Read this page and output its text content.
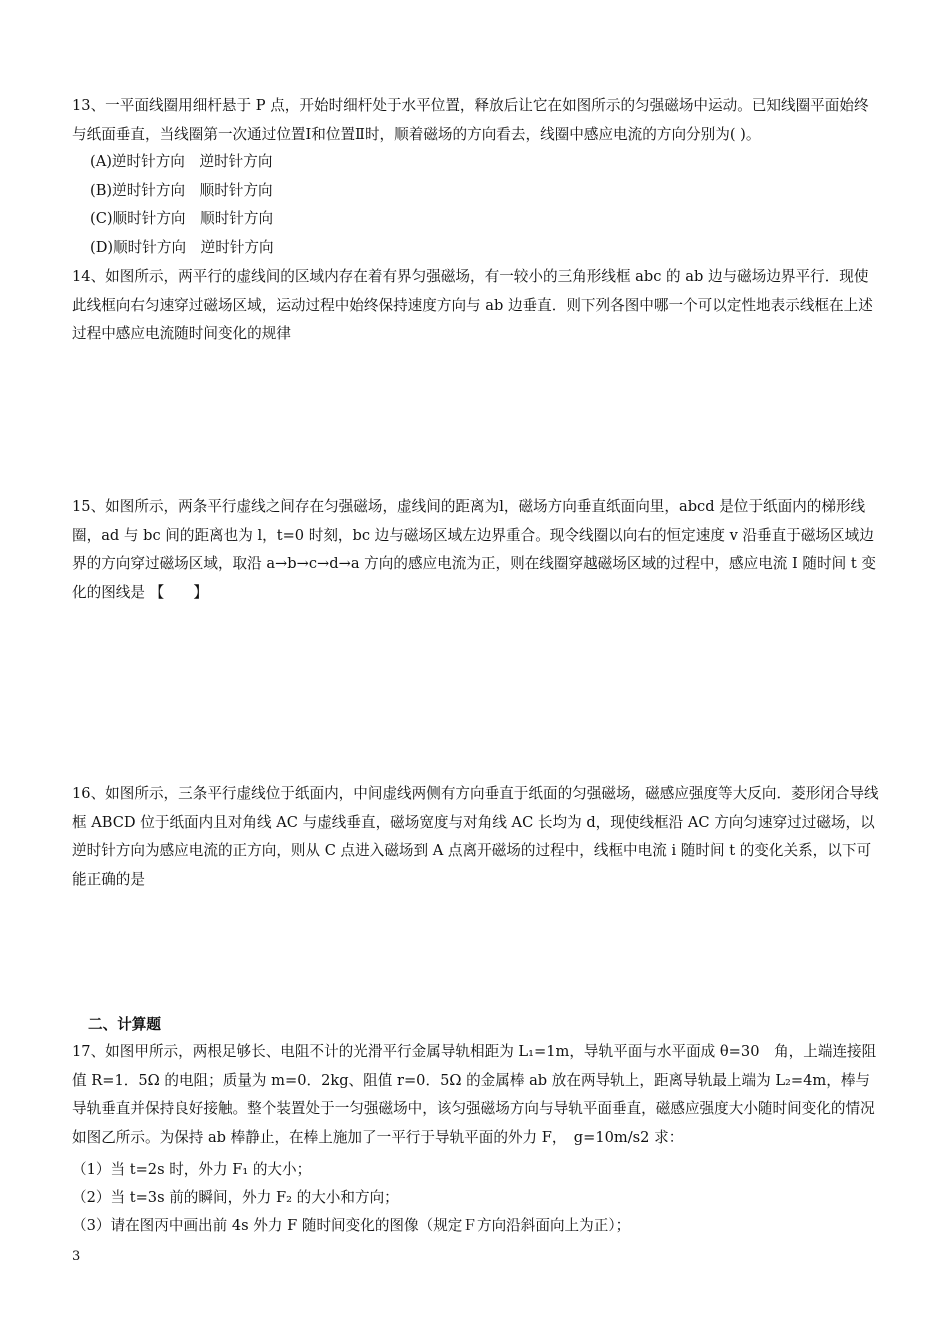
13、一平面线圈用细杆悬于 P 点，开始时细杆处于水平位置，释放后让它在如图所示的匀强磁场中运动。已知线圈平面始终与纸面垂直，当线圈第一次通过位置Ⅰ和位置Ⅱ时，顺着磁场的方向看去，线圈中感应电流的方向分别为( )。

(A)逆时针方向　逆时针方向

(B)逆时针方向　顺时针方向

(C)顺时针方向　顺时针方向

(D)顺时针方向　逆时针方向

14、如图所示，两平行的虚线间的区域内存在着有界匀强磁场，有一较小的三角形线框 abc 的 ab 边与磁场边界平行．现使此线框向右匀速穿过磁场区域，运动过程中始终保持速度方向与 ab 边垂直．则下列各图中哪一个可以定性地表示线框在上述过程中感应电流随时间变化的规律

15、如图所示，两条平行虚线之间存在匀强磁场，虚线间的距离为l，磁场方向垂直纸面向里，abcd 是位于纸面内的梯形线圈，ad 与 bc 间的距离也为 l，t=0 时刻，bc 边与磁场区域左边界重合。现令线圈以向右的恒定速度 v 沿垂直于磁场区域边界的方向穿过磁场区域，取沿 a→b→c→d→a 方向的感应电流为正，则在线圈穿越磁场区域的过程中，感应电流 I 随时间 t 变化的图线是 【　　】

16、如图所示，三条平行虚线位于纸面内，中间虚线两侧有方向垂直于纸面的匀强磁场，磁感应强度等大反向．菱形闭合导线框 ABCD 位于纸面内且对角线 AC 与虚线垂直，磁场宽度与对角线 AC 长均为 d，现使线框沿 AC 方向匀速穿过过磁场，以逆时针方向为感应电流的正方向，则从 C 点进入磁场到 A 点离开磁场的过程中，线框中电流 i 随时间 t 的变化关系，以下可能正确的是

二、计算题

17、如图甲所示，两根足够长、电阻不计的光滑平行金属导轨相距为 L₁=1m，导轨平面与水平面成 θ=30　角，上端连接阻值 R=1．5Ω 的电阻；质量为 m=0．2kg、阻值 r=0．5Ω 的金属棒 ab 放在两导轨上，距离导轨最上端为 L₂=4m，棒与导轨垂直并保持良好接触。整个装置处于一匀强磁场中，该匀强磁场方向与导轨平面垂直，磁感应强度大小随时间变化的情况如图乙所示。为保持 ab 棒静止，在棒上施加了一平行于导轨平面的外力 F，　g=10m/s2 求：

（1）当 t=2s 时，外力 F₁ 的大小；

（2）当 t=3s 前的瞬间，外力 F₂ 的大小和方向；

（3）请在图丙中画出前 4s 外力 F 随时间变化的图像（规定Ｆ方向沿斜面向上为正）；

3
